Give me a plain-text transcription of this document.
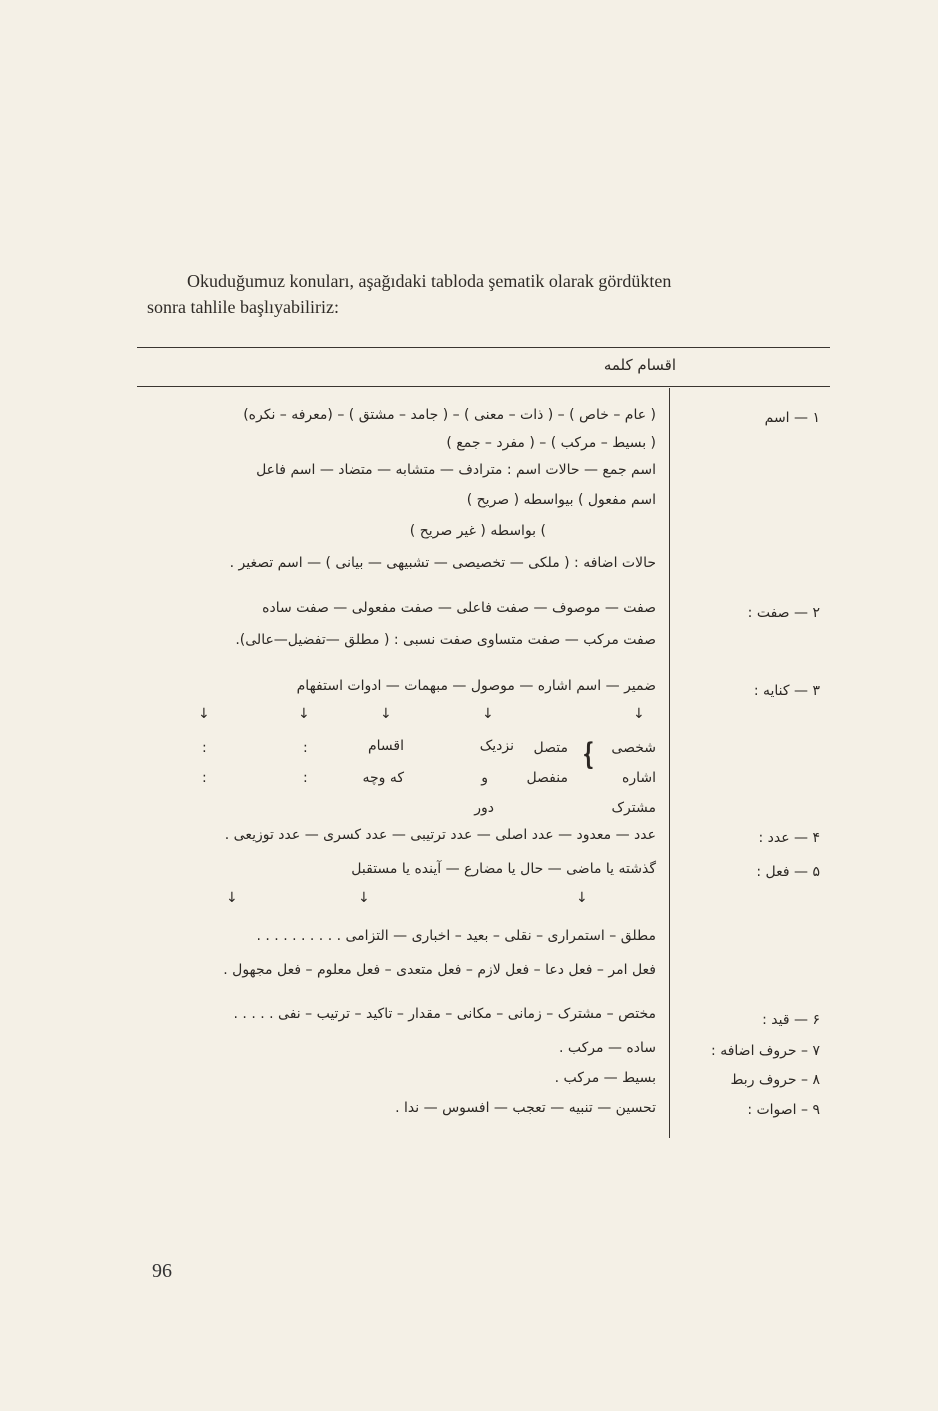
Okuduğumuz konuları, aşağıdaki tabloda şematik olarak gördükten
sonra tahlile başlıyabiliriz:
اقسام کلمه
۱ — اسم
( عام – خاص ) – ( ذات – معنى ) – ( جامد – مشتق ) – (معرفه – نکره)
( بسيط – مرکب ) – ( مفرد – جمع )
اسم جمع — حالات اسم : مترادف — متشابه — متضاد — اسم فاعل
اسم مفعول ) بيواسطه ( صريح )
) بواسطه ( غير صريح )
حالات اضافه : ( ملکى — تخصيصى — تشبيهى — بيانى ) — اسم تصغير .
۲ — صفت :
صفت — موصوف — صفت فاعلى — صفت مفعولى — صفت ساده
صفت مرکب — صفت متساوى صفت نسبى : ( مطلق —تفضيل—عالى).
۳ — کنايه :
ضمير — اسم اشاره — موصول — مبهمات — ادوات استفهام
↓
↓
↓
↓
↓
شخصى
اشاره
مشترک
❴
متصل
منفصل
نزديک
و
دور
اقسام
که وچه
:
:
:
:
۴ — عدد :
عدد — معدود — عدد اصلى — عدد ترتيبى — عدد کسرى — عدد توزيعى .
۵ — فعل :
گذشته يا ماضى — حال يا مضارع — آينده يا مستقبل
↓
↓
↓
مطلق – استمرارى – نقلى – بعيد – اخبارى — التزامى . . . . . . . . . .
فعل امر – فعل دعا – فعل لازم – فعل متعدى – فعل معلوم – فعل مجهول .
۶ — قيد :
مختص – مشترک – زمانى – مکانى – مقدار – تاکيد – ترتيب – نفى . . . . .
۷ – حروف اضافه :
ساده — مرکب .
۸ – حروف ربط
بسيط — مرکب .
۹ – اصوات :
تحسين — تنبيه — تعجب — افسوس — ندا .
96
